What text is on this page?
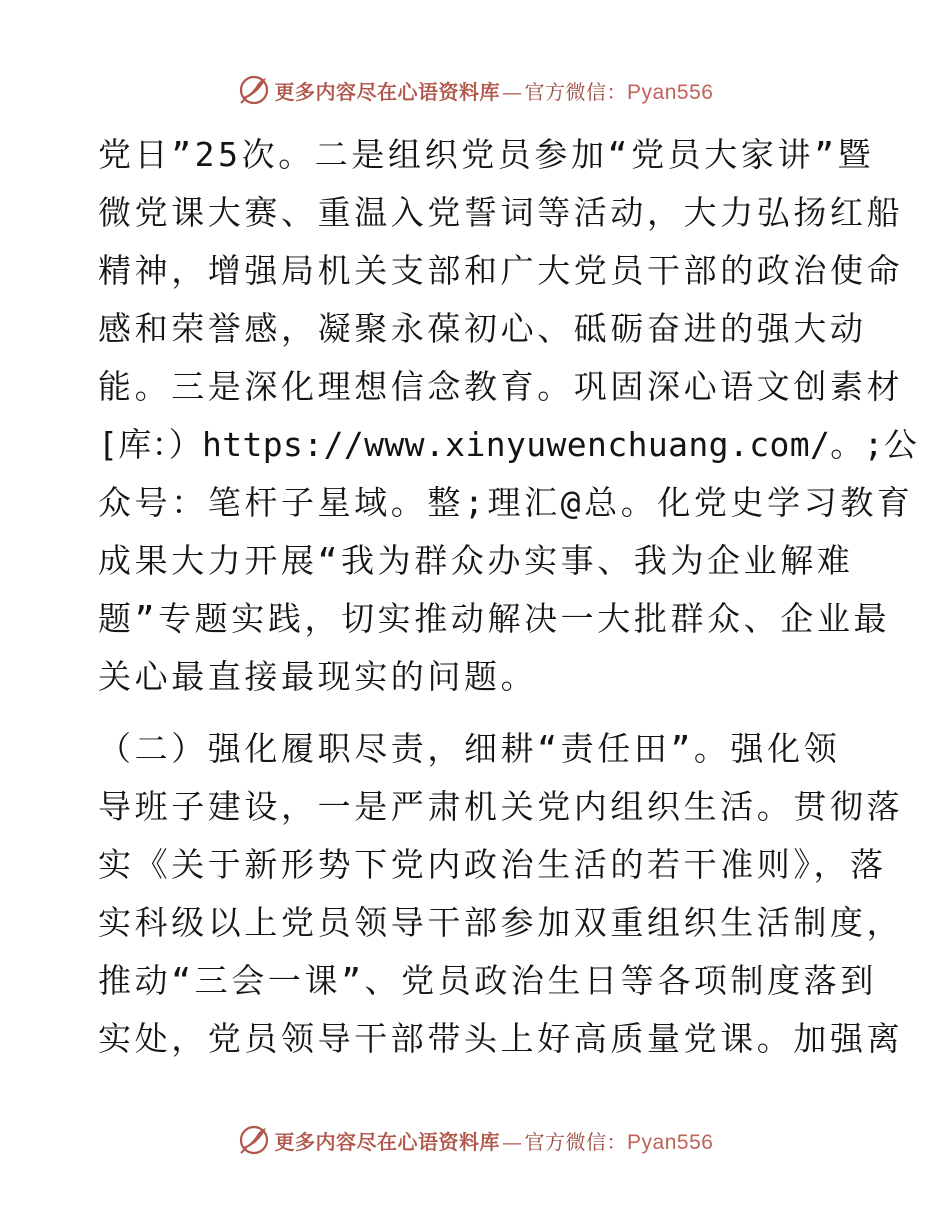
更多内容尽在心语资料库 — 官方微信：Pyan556
党日”25次。二是组织党员参加“党员大家讲”暨
微党课大赛、重温入党誓词等活动，大力弘扬红船
精神，增强局机关支部和广大党员干部的政治使命
感和荣誉感，凝聚永葆初心、砥砺奋进的强大动
能。三是深化理想信念教育。巩固深心语文创素材
[库：）https://www.xinyuwenchuang.com/。;公
众号：笔杆子星域。整;理汇@总。化党史学习教育
成果大力开展“我为群众办实事、我为企业解难
题”专题实践，切实推动解决一大批群众、企业最
关心最直接最现实的问题。
（二）强化履职尽责，细耕“责任田”。强化领
导班子建设，一是严肃机关党内组织生活。贯彻落
实《关于新形势下党内政治生活的若干准则》，落
实科级以上党员领导干部参加双重组织生活制度，
推动“三会一课”、党员政治生日等各项制度落到
实处，党员领导干部带头上好高质量党课。加强离
更多内容尽在心语资料库 — 官方微信：Pyan556
